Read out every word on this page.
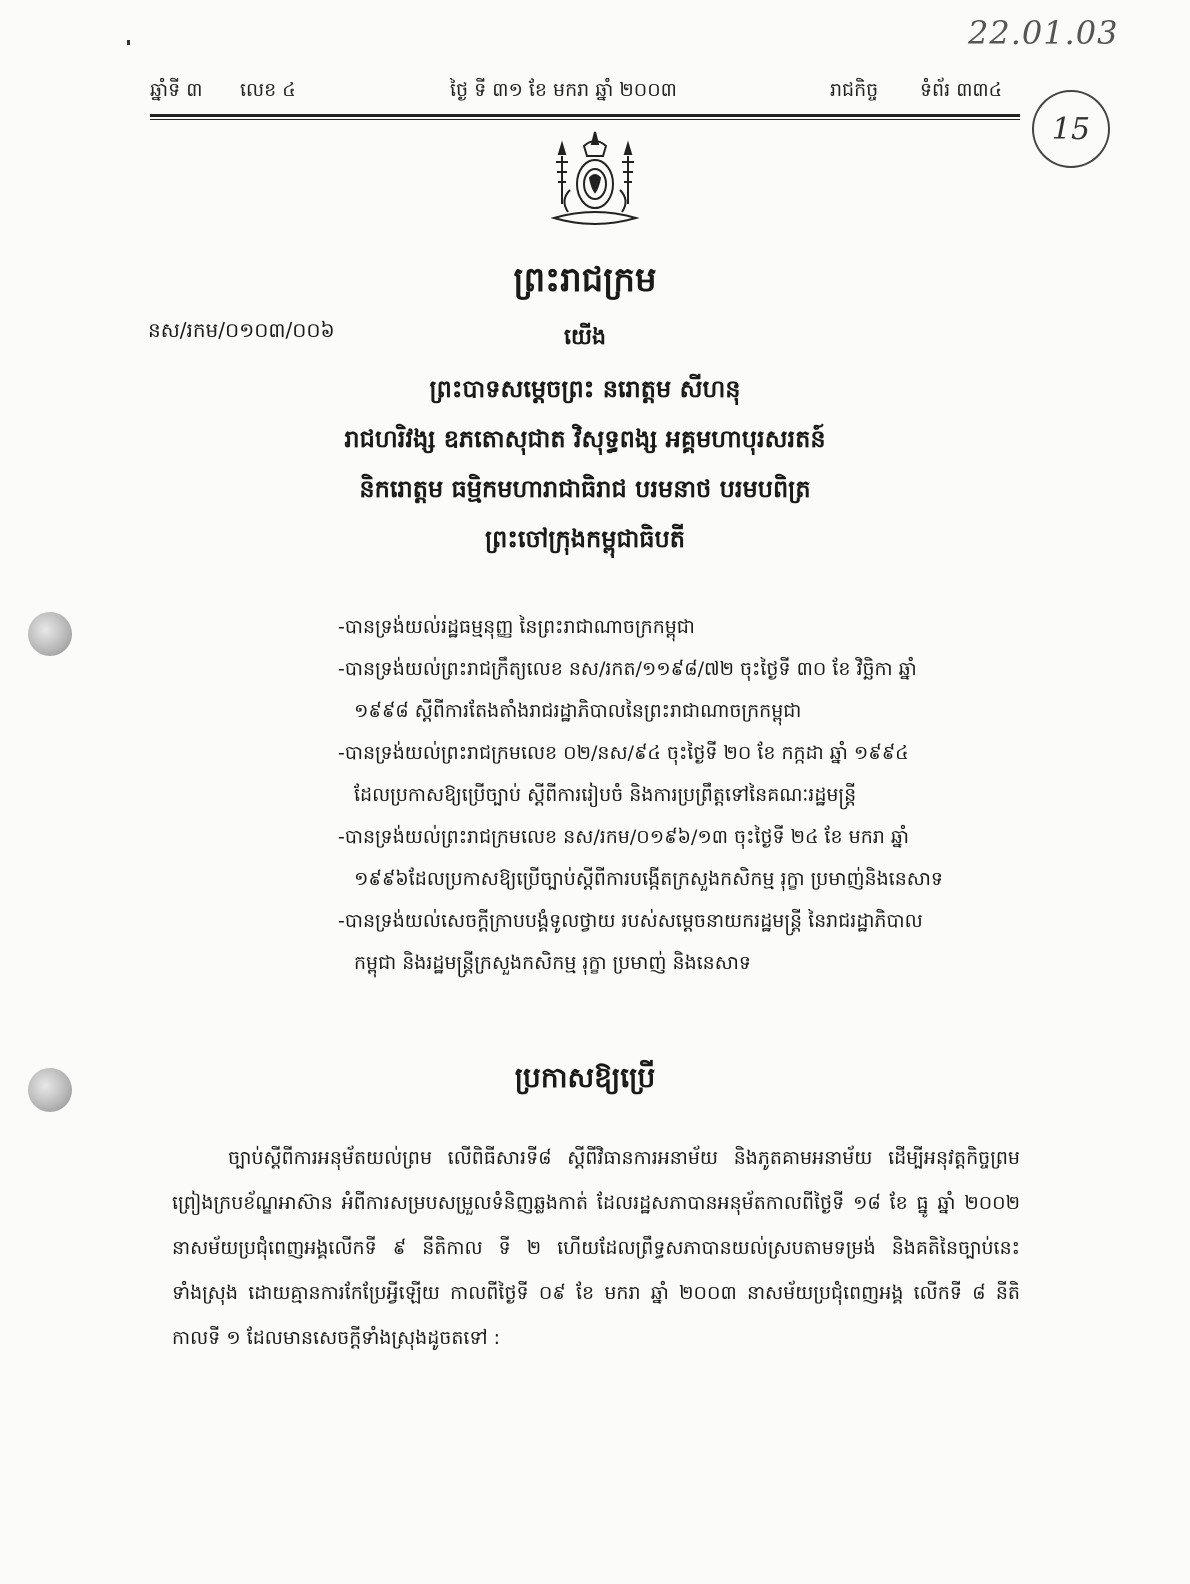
22.01.03
15
ឆ្នាំទី ៣ លេខ ៤	ថ្ងៃ ទី ៣១ ខែ មករា ឆ្នាំ ២០០៣	រាជកិច្ច ទំព័រ ៣៣៤
ព្រះរាជក្រម
នស/រកម/០១០៣/០០៦	យើង
ព្រះបាទសម្តេចព្រះ នរោត្តម សីហនុ
រាជហរិវង្ស ឧភតោសុជាត វិសុទ្ធពង្ស អគ្គមហាបុរសរតន៍
និករោត្តម ធម្មិកមហារាជាធិរាជ បរមនាថ បរមបពិត្រ
ព្រះចៅក្រុងកម្ពុជាធិបតី

-បានទ្រង់យល់រដ្ឋធម្មនុញ្ញ នៃព្រះរាជាណាចក្រកម្ពុជា

-បានទ្រង់យល់ព្រះរាជក្រឹត្យលេខ នស/រកត/១១៩៨/៧២ ចុះថ្ងៃទី ៣០ ខែ វិច្ឆិកា ឆ្នាំ

១៩៩៨ ស្តីពីការតែងតាំងរាជរដ្ឋាភិបាលនៃព្រះរាជាណាចក្រកម្ពុជា

-បានទ្រង់យល់ព្រះរាជក្រមលេខ ០២/នស/៩៤ ចុះថ្ងៃទី ២០ ខែ កក្កដា ឆ្នាំ ១៩៩៤

ដែលប្រកាសឱ្យប្រើច្បាប់ ស្តីពីការរៀបចំ និងការប្រព្រឹត្តទៅនៃគណៈរដ្ឋមន្ត្រី

-បានទ្រង់យល់ព្រះរាជក្រមលេខ នស/រកម/០១៩៦/១៣ ចុះថ្ងៃទី ២៤ ខែ មករា ឆ្នាំ

១៩៩៦ដែលប្រកាសឱ្យប្រើច្បាប់ស្តីពីការបង្កើតក្រសួងកសិកម្ម រុក្ខា ប្រមាញ់និងនេសាទ

-បានទ្រង់យល់សេចក្តីក្រាបបង្គំទូលថ្វាយ របស់សម្តេចនាយករដ្ឋមន្ត្រី នៃរាជរដ្ឋាភិបាល

កម្ពុជា និងរដ្ឋមន្ត្រីក្រសួងកសិកម្ម រុក្ខា ប្រមាញ់ និងនេសាទ

ប្រកាសឱ្យប្រើ

ច្បាប់ស្តីពីការអនុម័តយល់ព្រម លើពិធីសារទី៨ ស្តីពីវិធានការអនាម័យ និងភូតគាមអនាម័យ ដើម្បីអនុវត្តកិច្ចព្រមព្រៀងក្របខ័ណ្ឌអាស៊ាន អំពីការសម្របសម្រួលទំនិញឆ្លងកាត់ ដែលរដ្ឋសភាបានអនុម័តកាលពីថ្ងៃទី ១៨ ខែ ធ្នូ ឆ្នាំ ២០០២ នាសម័យប្រជុំពេញអង្គលើកទី ៩ នីតិកាល ទី ២ ហើយដែលព្រឹទ្ធសភាបានយល់ស្របតាមទម្រង់ និងគតិនៃច្បាប់នេះទាំងស្រុង ដោយគ្មានការកែប្រែអ្វីឡើយ កាលពីថ្ងៃទី ០៩ ខែ មករា ឆ្នាំ ២០០៣ នាសម័យប្រជុំពេញអង្គ លើកទី ៨ នីតិកាលទី ១ ដែលមានសេចក្តីទាំងស្រុងដូចតទៅ :
